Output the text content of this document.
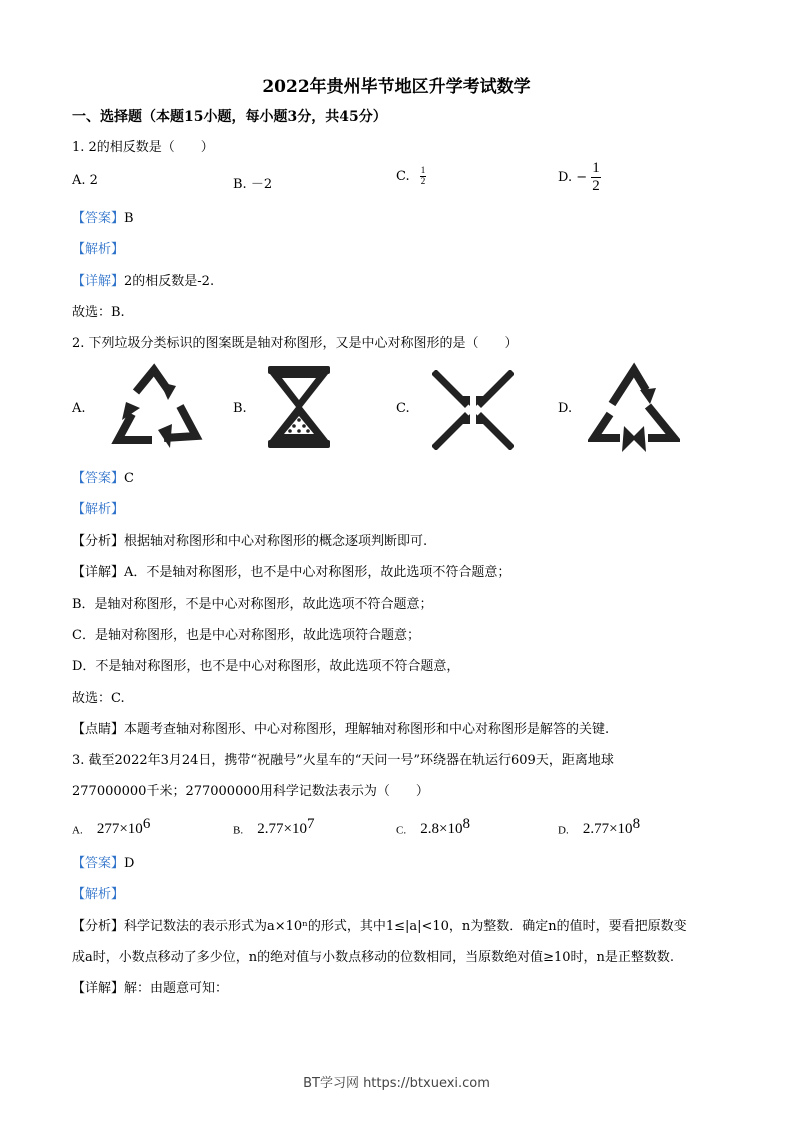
2022年贵州毕节地区升学考试数学
一、选择题（本题15小题，每小题3分，共45分）
1. 2的相反数是（　　）
A. 2	B. －2
C. $\frac{1}{2}$	D. − $\frac{1}{2}$
【答案】B
【解析】
【详解】2的相反数是-2.
故选：B.
2. 下列垃圾分类标识的图案既是轴对称图形，又是中心对称图形的是（　　）
A.	B.	C.	D.
【答案】C
【解析】
【分析】根据轴对称图形和中心对称图形的概念逐项判断即可.
【详解】A．不是轴对称图形，也不是中心对称图形，故此选项不符合题意；
B．是轴对称图形，不是中心对称图形，故此选项不符合题意；
C．是轴对称图形，也是中心对称图形，故此选项符合题意；
D．不是轴对称图形，也不是中心对称图形，故此选项不符合题意，
故选：C.
【点睛】本题考查轴对称图形、中心对称图形，理解轴对称图形和中心对称图形是解答的关键.
3. 截至2022年3月24日，携带“祝融号”火星车的“天问一号”环绕器在轨运行609天，距离地球
277000000千米；277000000用科学记数法表示为（　　）
A. $277\times 10^6$	B. $2.77\times 10^7$	C. $2.8\times 10^8$	D. $2.77\times 10^8$
【答案】D
【解析】
【分析】科学记数法的表示形式为a×10ⁿ的形式，其中1≤|a|<10，n为整数．确定n的值时，要看把原数变
成a时，小数点移动了多少位，n的绝对值与小数点移动的位数相同，当原数绝对值≥10时，n是正整数数.
【详解】解：由题意可知：
BT学习网 https://btxuexi.com
